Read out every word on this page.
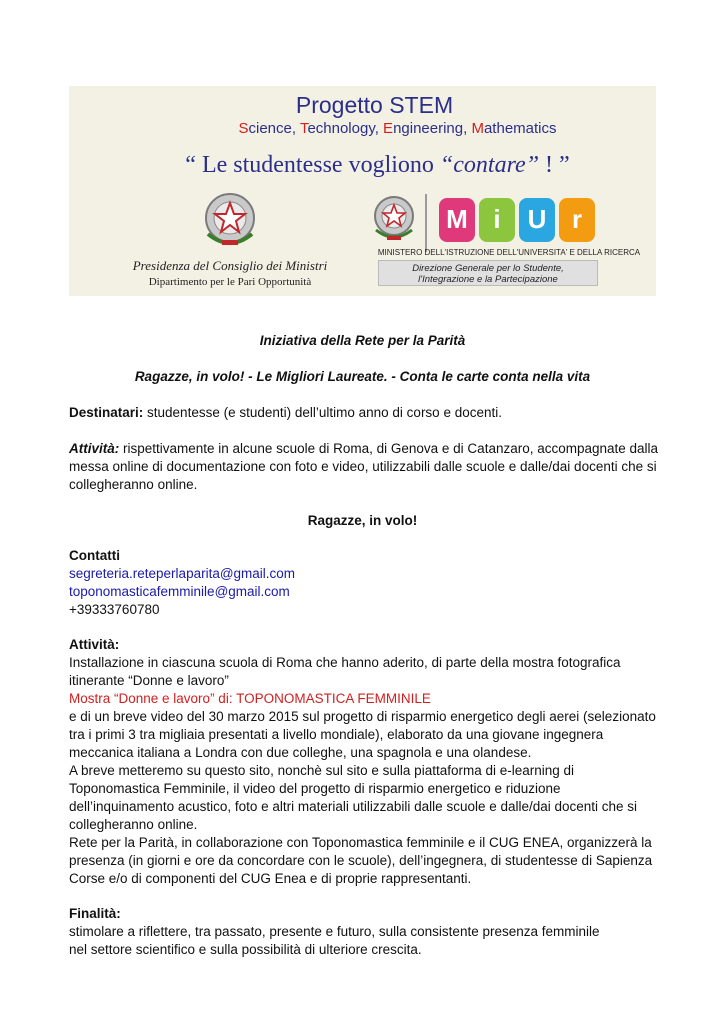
Progetto STEM
Science, Technology, Engineering, Mathematics
“ Le studentesse vogliono “contare” ! ”
Presidenza del Consiglio dei Ministri
Dipartimento per le Pari Opportunità
M i	U r
MINISTERO DELL'ISTRUZIONE DELL'UNIVERSITA' E DELLA RICERCA
Direzione Generale per lo Studente,
l'Integrazione e la Partecipazione
Iniziativa della Rete per la Parità
Ragazze, in volo! - Le Migliori Laureate. - Conta le carte conta nella vita
Destinatari: studentesse (e studenti) dell’ultimo anno di corso e docenti.
Attività: rispettivamente in alcune scuole di Roma, di Genova e di Catanzaro, accompagnate dalla
messa online di documentazione con foto e video, utilizzabili dalle scuole e dalle/dai docenti che si
collegheranno online.
Ragazze, in volo!
Contatti
segreteria.reteperlaparita@gmail.com
toponomasticafemminile@gmail.com
+39333760780
Attività:
Installazione in ciascuna scuola di Roma che hanno aderito, di parte della mostra fotografica
itinerante “Donne e lavoro”
Mostra “Donne e lavoro” di: TOPONOMASTICA FEMMINILE
e di un breve video del 30 marzo 2015 sul progetto di risparmio energetico degli aerei (selezionato
tra i primi 3 tra migliaia presentati a livello mondiale), elaborato da una giovane ingegnera
meccanica italiana a Londra con due colleghe, una spagnola e una olandese.
A breve metteremo su questo sito, nonchè sul sito e sulla piattaforma di e-learning di
Toponomastica Femminile, il video del progetto di risparmio energetico e riduzione
dell’inquinamento acustico, foto e altri materiali utilizzabili dalle scuole e dalle/dai docenti che si
collegheranno online.
Rete per la Parità, in collaborazione con Toponomastica femminile e il CUG ENEA, organizzerà la
presenza (in giorni e ore da concordare con le scuole), dell’ingegnera, di studentesse di Sapienza
Corse e/o di componenti del CUG Enea e di proprie rappresentanti.
Finalità:
stimolare a riflettere, tra passato, presente e futuro, sulla consistente presenza femminile
nel settore scientifico e sulla possibilità di ulteriore crescita.
